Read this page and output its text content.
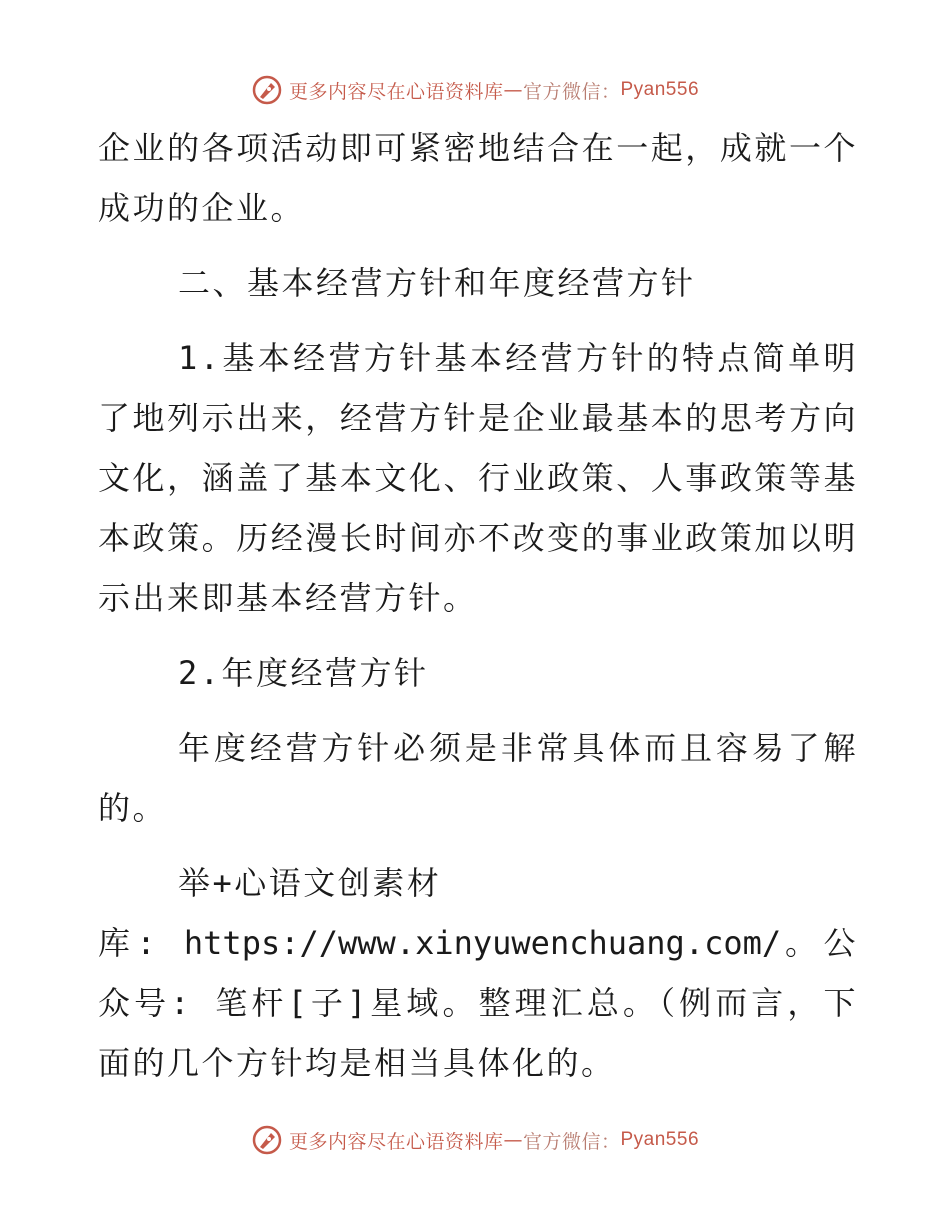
更多内容尽在心语资料库 — 官方微信： Pyan556

企业的各项活动即可紧密地结合在一起，成就一个成功的企业。

二、基本经营方针和年度经营方针

1.基本经营方针基本经营方针的特点简单明了地列示出来，经营方针是企业最基本的思考方向文化，涵盖了基本文化、行业政策、人事政策等基本政策。历经漫长时间亦不改变的事业政策加以明示出来即基本经营方针。

2.年度经营方针

年度经营方针必须是非常具体而且容易了解的。

举+心语文创素材

库: https://www.xinyuwenchuang.com/。公众号: 笔杆[子]星域。整理汇总。（例而言，下面的几个方针均是相当具体化的。

更多内容尽在心语资料库 — 官方微信： Pyan556
